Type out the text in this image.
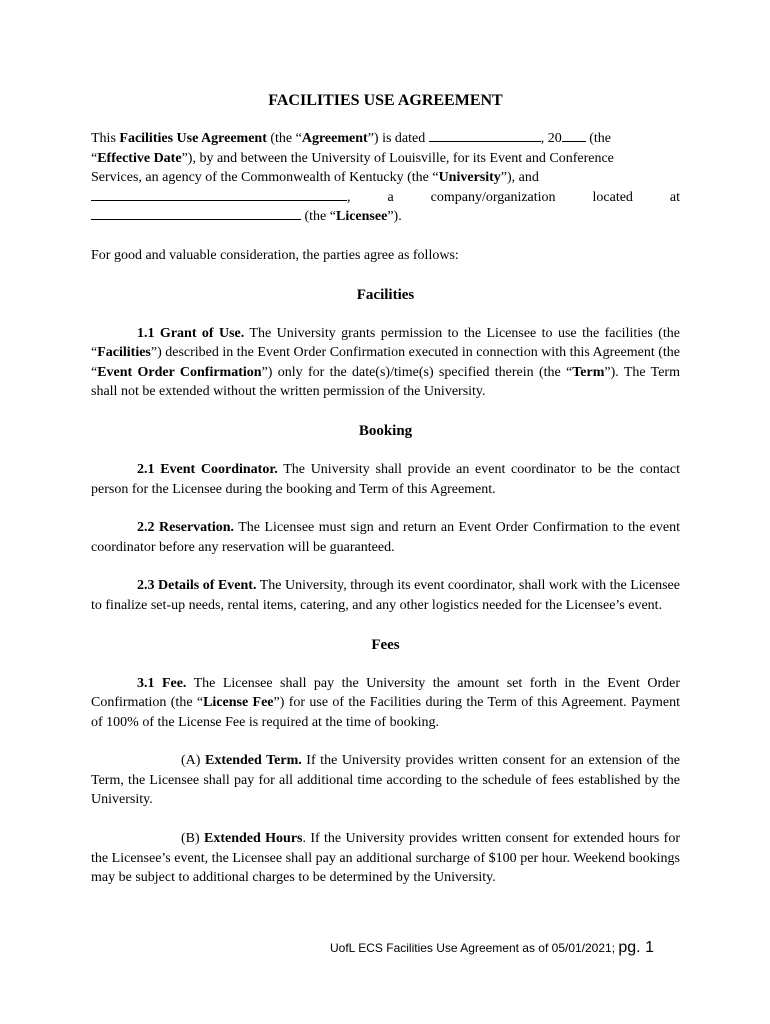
FACILITIES USE AGREEMENT

This Facilities Use Agreement (the “Agreement”) is dated	, 20 (the

“Effective Date”), by and between the University of Louisville, for its Event and Conference

Services, an agency of the Commonwealth of Kentucky (the “University”), and

,	a	company/organization	located	at

(the “Licensee”).

For good and valuable consideration, the parties agree as follows:

Facilities

1.1 Grant of Use. The University grants permission to the Licensee to use the facilities (the “Facilities”) described in the Event Order Confirmation executed in connection with this Agreement (the “Event Order Confirmation”) only for the date(s)/time(s) specified therein (the “Term”). The Term shall not be extended without the written permission of the University.

Booking

2.1 Event Coordinator. The University shall provide an event coordinator to be the contact person for the Licensee during the booking and Term of this Agreement.

2.2 Reservation. The Licensee must sign and return an Event Order Confirmation to the event coordinator before any reservation will be guaranteed.

2.3 Details of Event. The University, through its event coordinator, shall work with the Licensee to finalize set-up needs, rental items, catering, and any other logistics needed for the Licensee’s event.

Fees

3.1 Fee. The Licensee shall pay the University the amount set forth in the Event Order Confirmation (the “License Fee”) for use of the Facilities during the Term of this Agreement. Payment of 100% of the License Fee is required at the time of booking.

(A) Extended Term. If the University provides written consent for an extension of the Term, the Licensee shall pay for all additional time according to the schedule of fees established by the University.

(B) Extended Hours. If the University provides written consent for extended hours for the Licensee’s event, the Licensee shall pay an additional surcharge of $100 per hour. Weekend bookings may be subject to additional charges to be determined by the University.

UofL ECS Facilities Use Agreement as of 05/01/2021; pg. 1
